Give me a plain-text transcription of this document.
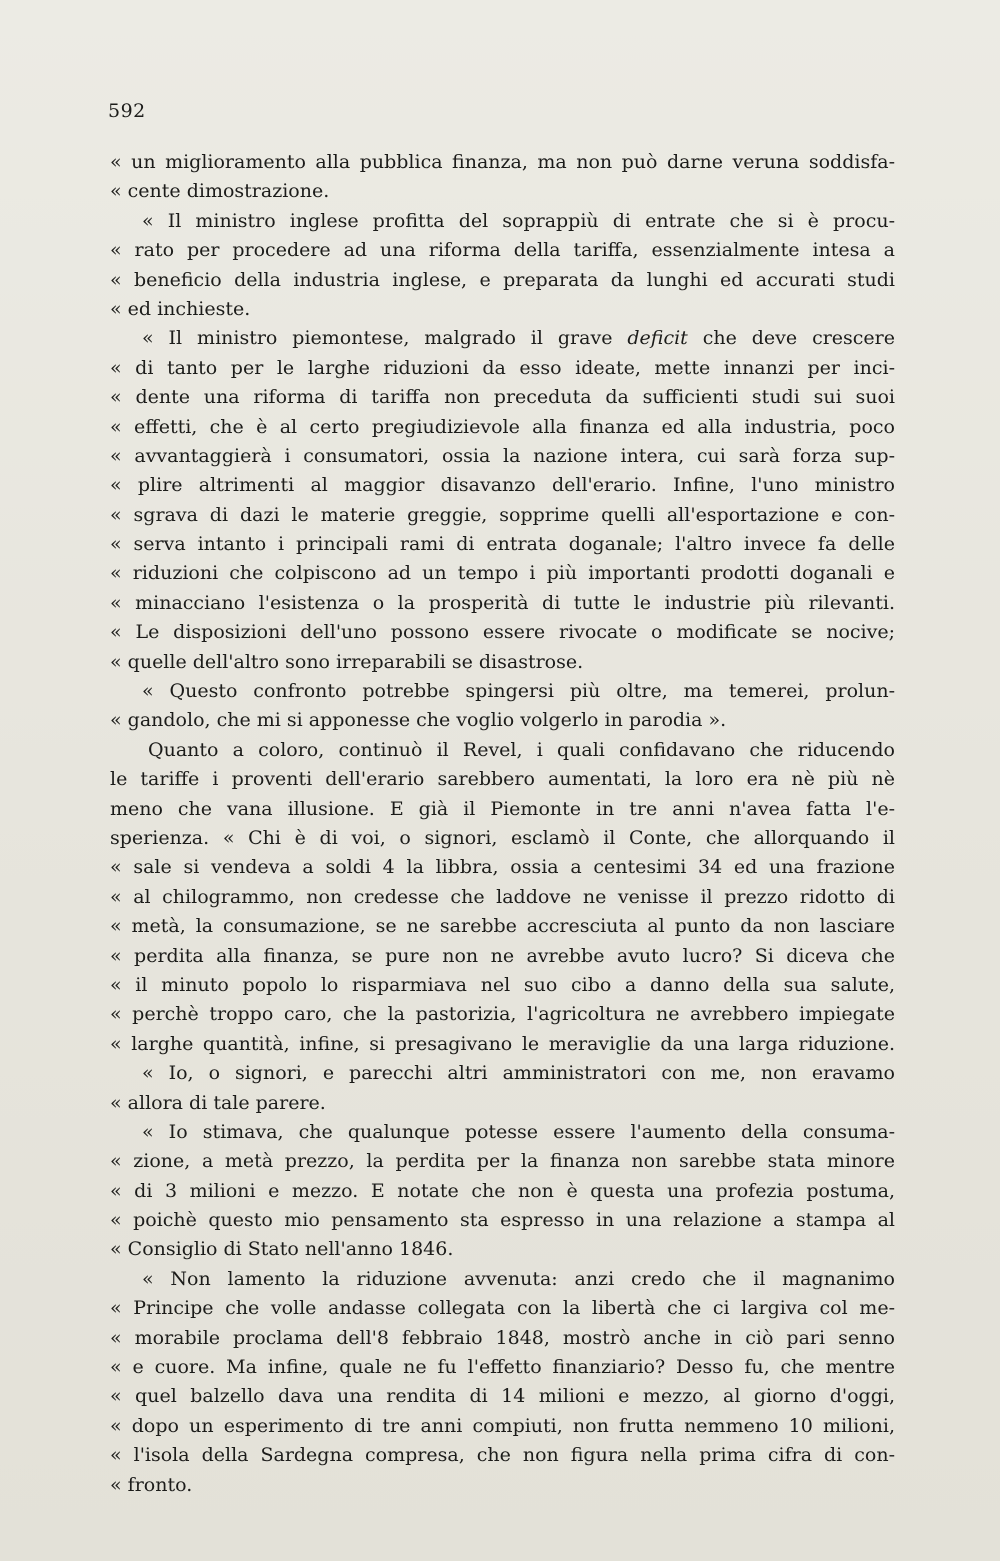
592
« un miglioramento alla pubblica finanza, ma non può darne veruna soddisfa-
« cente dimostrazione.
« Il ministro inglese profitta del soprappiù di entrate che si è procu-
« rato per procedere ad una riforma della tariffa, essenzialmente intesa a
« beneficio della industria inglese, e preparata da lunghi ed accurati studi
« ed inchieste.
« Il ministro piemontese, malgrado il grave deficit che deve crescere
« di tanto per le larghe riduzioni da esso ideate, mette innanzi per inci-
« dente una riforma di tariffa non preceduta da sufficienti studi sui suoi
« effetti, che è al certo pregiudizievole alla finanza ed alla industria, poco
« avvantaggierà i consumatori, ossia la nazione intera, cui sarà forza sup-
« plire altrimenti al maggior disavanzo dell'erario. Infine, l'uno ministro
« sgrava di dazi le materie greggie, sopprime quelli all'esportazione e con-
« serva intanto i principali rami di entrata doganale; l'altro invece fa delle
« riduzioni che colpiscono ad un tempo i più importanti prodotti doganali e
« minacciano l'esistenza o la prosperità di tutte le industrie più rilevanti.
« Le disposizioni dell'uno possono essere rivocate o modificate se nocive;
« quelle dell'altro sono irreparabili se disastrose.
« Questo confronto potrebbe spingersi più oltre, ma temerei, prolun-
« gandolo, che mi si apponesse che voglio volgerlo in parodia ».
Quanto a coloro, continuò il Revel, i quali confidavano che riducendo
le tariffe i proventi dell'erario sarebbero aumentati, la loro era nè più nè
meno che vana illusione. E già il Piemonte in tre anni n'avea fatta l'e-
sperienza. « Chi è di voi, o signori, esclamò il Conte, che allorquando il
« sale si vendeva a soldi 4 la libbra, ossia a centesimi 34 ed una frazione
« al chilogrammo, non credesse che laddove ne venisse il prezzo ridotto di
« metà, la consumazione, se ne sarebbe accresciuta al punto da non lasciare
« perdita alla finanza, se pure non ne avrebbe avuto lucro? Si diceva che
« il minuto popolo lo risparmiava nel suo cibo a danno della sua salute,
« perchè troppo caro, che la pastorizia, l'agricoltura ne avrebbero impiegate
« larghe quantità, infine, si presagivano le meraviglie da una larga riduzione.
« Io, o signori, e parecchi altri amministratori con me, non eravamo
« allora di tale parere.
« Io stimava, che qualunque potesse essere l'aumento della consuma-
« zione, a metà prezzo, la perdita per la finanza non sarebbe stata minore
« di 3 milioni e mezzo. E notate che non è questa una profezia postuma,
« poichè questo mio pensamento sta espresso in una relazione a stampa al
« Consiglio di Stato nell'anno 1846.
« Non lamento la riduzione avvenuta: anzi credo che il magnanimo
« Principe che volle andasse collegata con la libertà che ci largiva col me-
« morabile proclama dell'8 febbraio 1848, mostrò anche in ciò pari senno
« e cuore. Ma infine, quale ne fu l'effetto finanziario? Desso fu, che mentre
« quel balzello dava una rendita di 14 milioni e mezzo, al giorno d'oggi,
« dopo un esperimento di tre anni compiuti, non frutta nemmeno 10 milioni,
« l'isola della Sardegna compresa, che non figura nella prima cifra di con-
« fronto.
